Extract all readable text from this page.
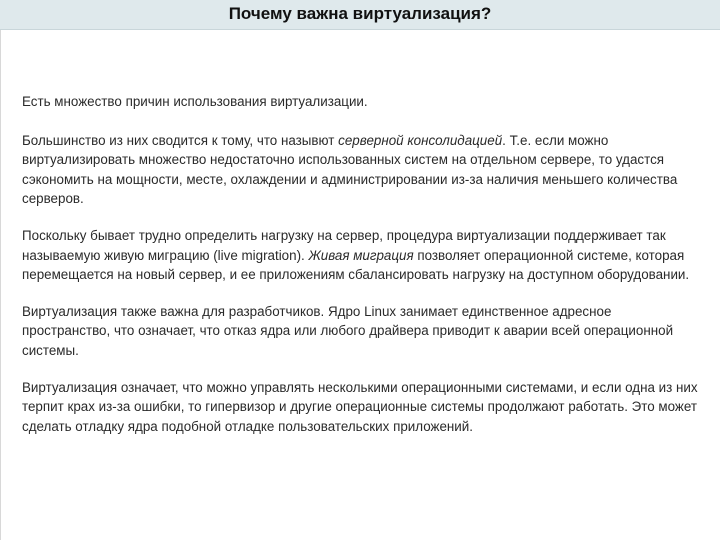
Почему важна виртуализация?

Есть множество причин использования виртуализации.

Большинство из них сводится к тому, что назывют серверной консолидацией. Т.е. если можно виртуализировать множество недостаточно использованных систем на отдельном сервере, то удастся сэкономить на мощности, месте, охлаждении и администрировании из-за наличия меньшего количества серверов.

Поскольку бывает трудно определить нагрузку на сервер, процедура виртуализации поддерживает так называемую живую миграцию (live migration). Живая миграция позволяет операционной системе, которая перемещается на новый сервер, и ее приложениям сбалансировать нагрузку на доступном оборудовании.

Виртуализация также важна для разработчиков. Ядро Linux занимает единственное адресное пространство, что означает, что отказ ядра или любого драйвера приводит к аварии всей операционной системы.

Виртуализация означает, что можно управлять несколькими операционными системами, и если одна из них терпит крах из-за ошибки, то гипервизор и другие операционные системы продолжают работать. Это может сделать отладку ядра подобной отладке пользовательских приложений.
